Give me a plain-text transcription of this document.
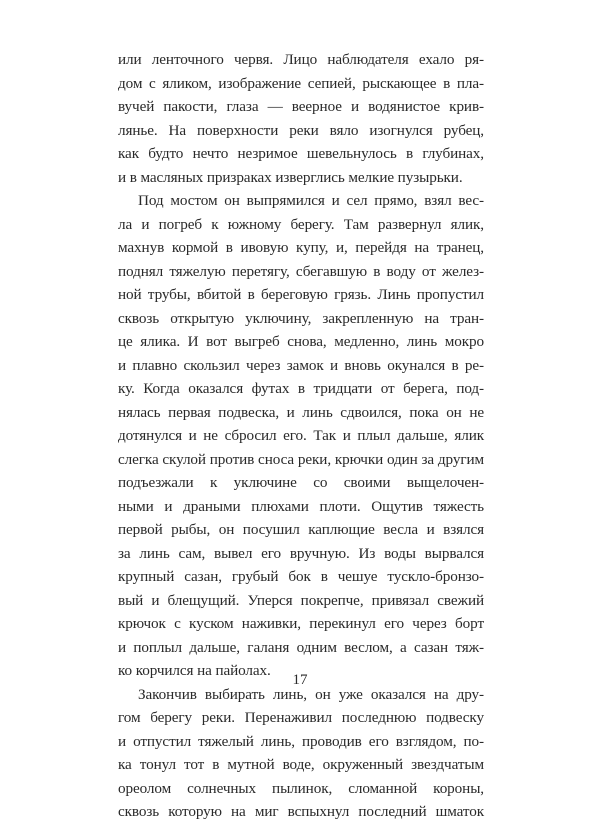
или ленточного червя. Лицо наблюдателя ехало ря-
дом с яликом, изображение сепией, рыскающее в пла-
вучей пакости, глаза — веерное и водянистое крив-
лянье. На поверхности реки вяло изогнулся рубец,
как будто нечто незримое шевельнулось в глубинах,
и в масляных призраках изверглись мелкие пузырьки.
Под мостом он выпрямился и сел прямо, взял вес-
ла и погреб к южному берегу. Там развернул ялик,
махнув кормой в ивовую купу, и, перейдя на транец,
поднял тяжелую перетягу, сбегавшую в воду от желез-
ной трубы, вбитой в береговую грязь. Линь пропустил
сквозь открытую уключину, закрепленную на тран-
це ялика. И вот выгреб снова, медленно, линь мокро
и плавно скользил через замок и вновь окунался в ре-
ку. Когда оказался футах в тридцати от берега, под-
нялась первая подвеска, и линь сдвоился, пока он не
дотянулся и не сбросил его. Так и плыл дальше, ялик
слегка скулой против сноса реки, крючки один за другим
подъезжали к уключине со своими выщелочен-
ными и драными плюхами плоти. Ощутив тяжесть
первой рыбы, он посушил каплющие весла и взялся
за линь сам, вывел его вручную. Из воды вырвался
крупный сазан, грубый бок в чешуе тускло-бронзо-
вый и блещущий. Уперся покрепче, привязал свежий
крючок с куском наживки, перекинул его через борт
и поплыл дальше, галаня одним веслом, а сазан тяж-
ко корчился на пайолах.
Закончив выбирать линь, он уже оказался на дру-
гом берегу реки. Перенаживил последнюю подвеску
и отпустил тяжелый линь, проводив его взглядом, по-
ка тонул тот в мутной воде, окруженный звездчатым
ореолом солнечных пылинок, сломанной короны,
сквозь которую на миг вспыхнул последний шматок
17
